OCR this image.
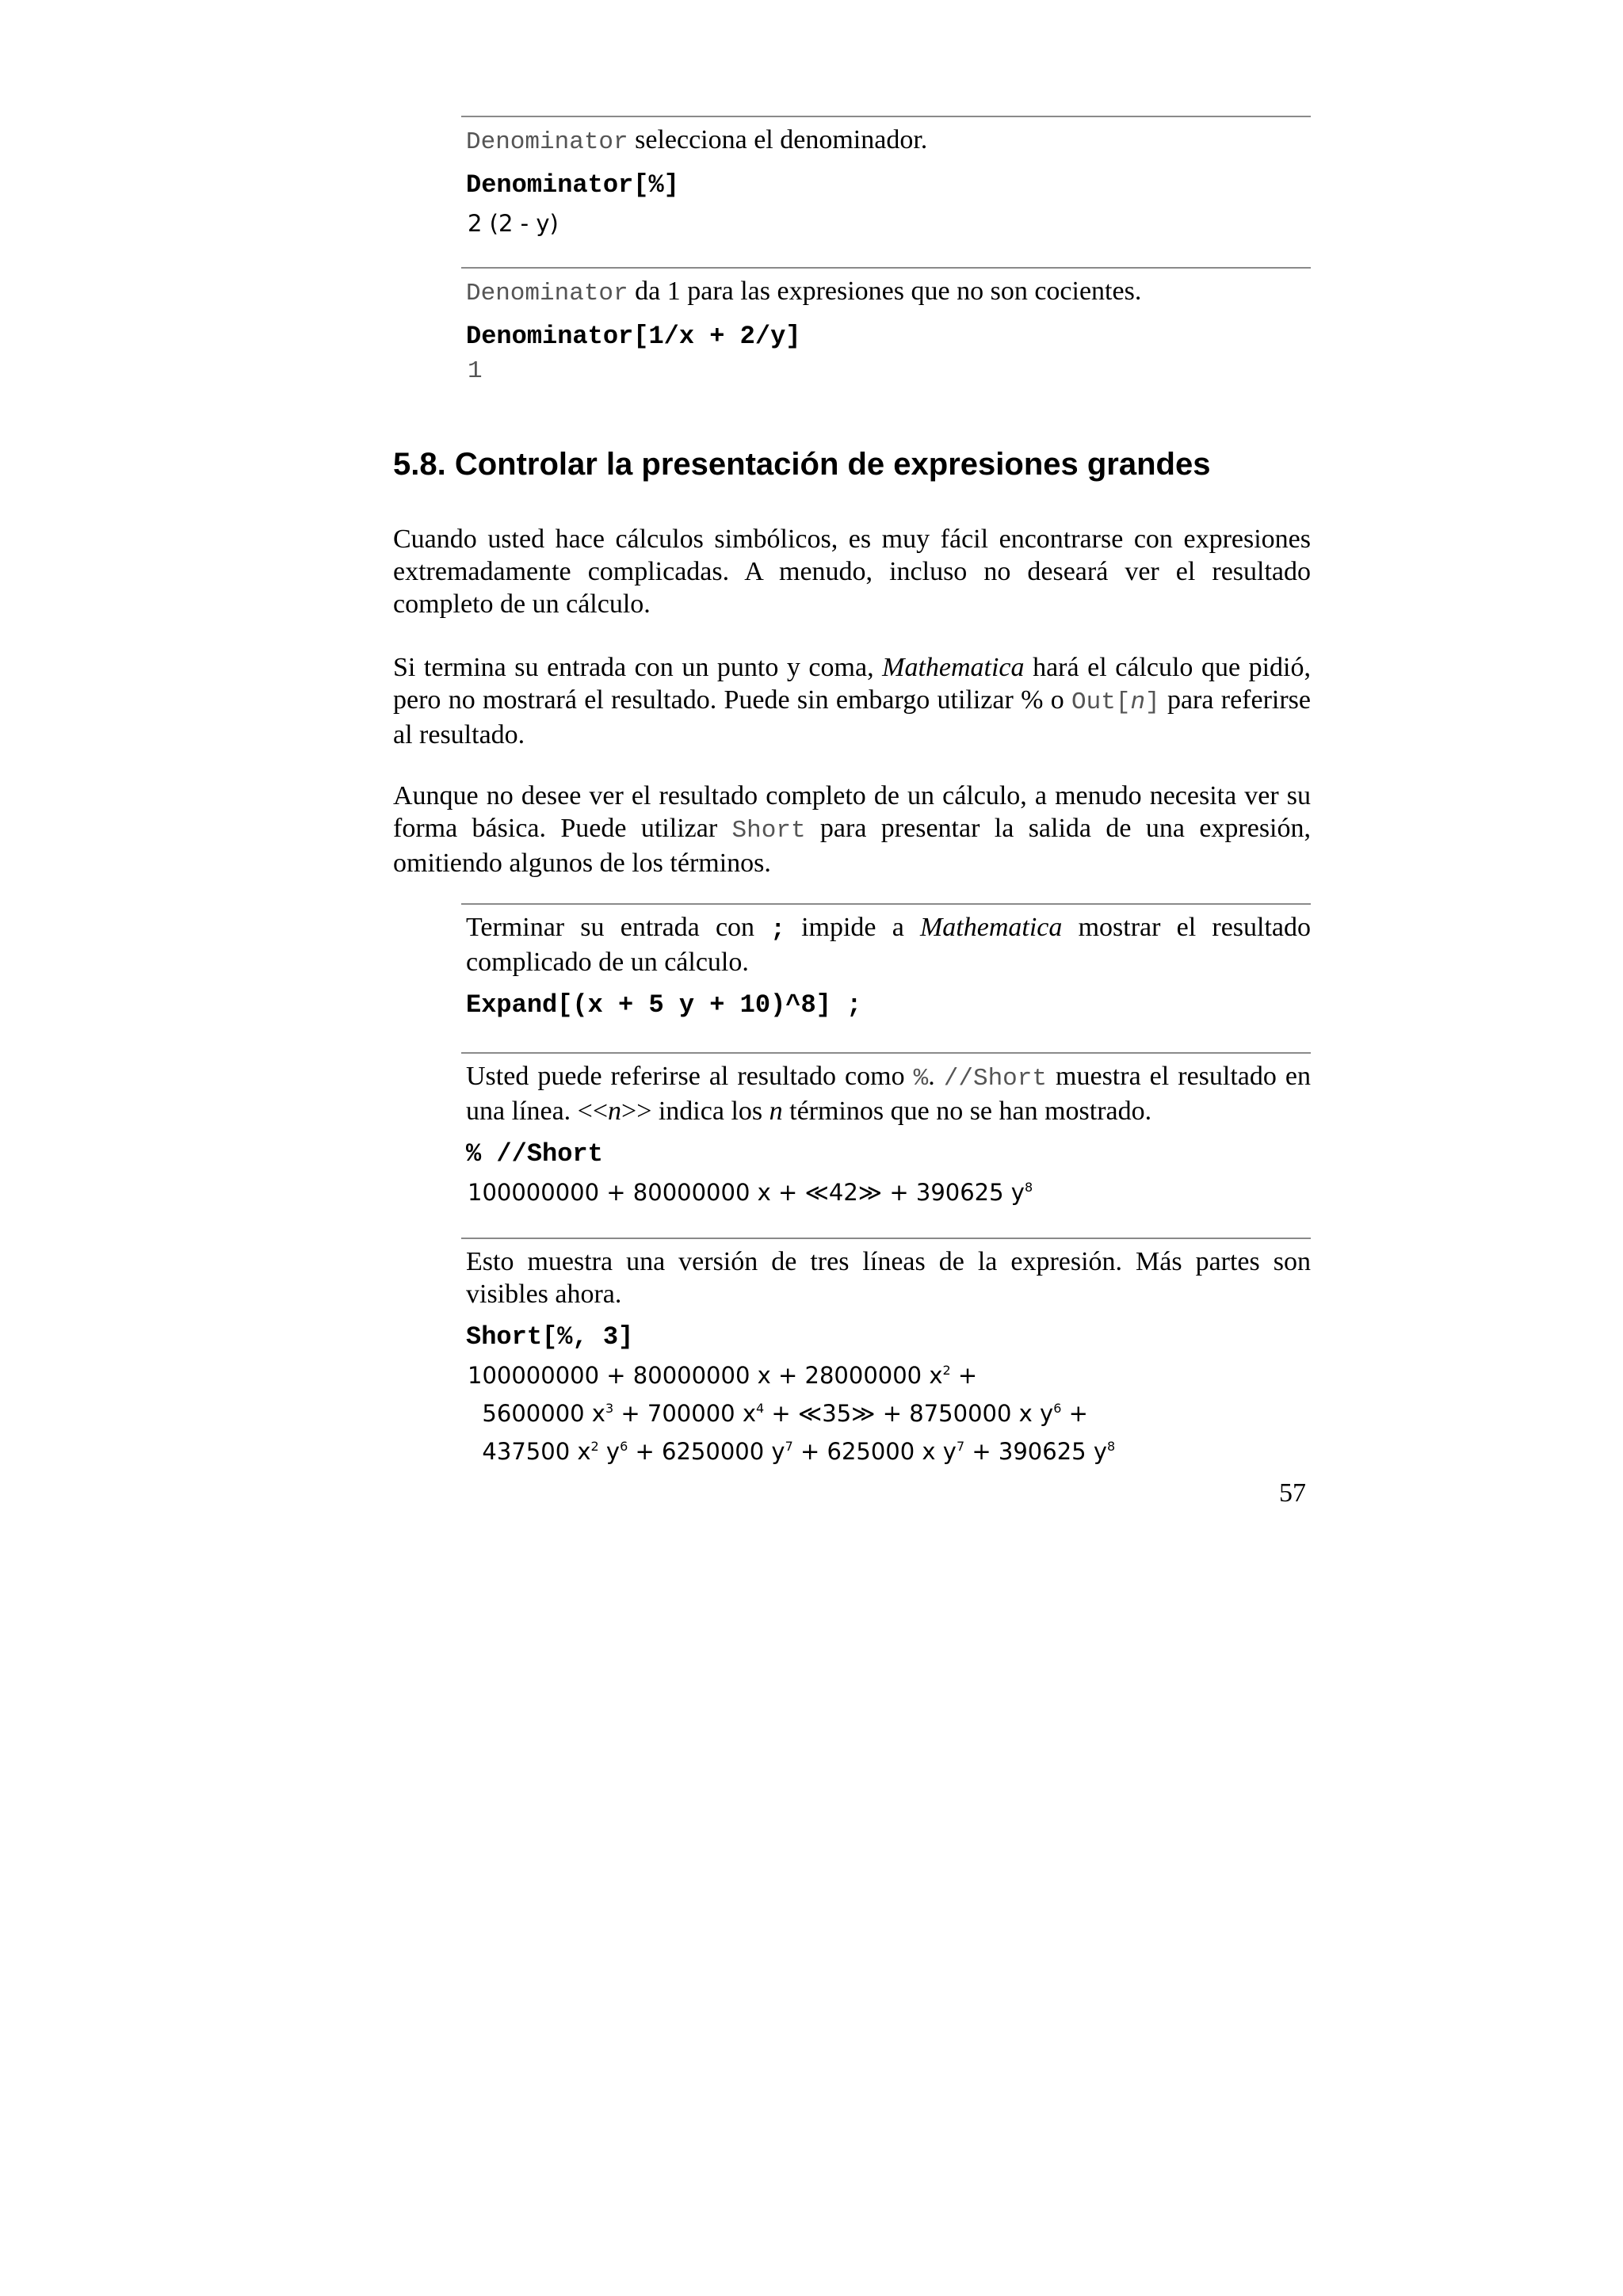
Denominator selecciona el denominador.
Denominator[%]
2 (2 - y)
Denominator da 1 para las expresiones que no son cocientes.
Denominator[1/x + 2/y]
1
5.8. Controlar la presentación de expresiones grandes

Cuando usted hace cálculos simbólicos, es muy fácil encontrarse con expresiones extremadamente complicadas. A menudo, incluso no deseará ver el resultado completo de un cálculo.

Si termina su entrada con un punto y coma, Mathematica hará el cálculo que pidió, pero no mostrará el resultado. Puede sin embargo utilizar % o Out[n] para referirse al resultado.

Aunque no desee ver el resultado completo de un cálculo, a menudo necesita ver su forma básica. Puede utilizar Short para presentar la salida de una expresión, omitiendo algunos de los términos.

Terminar su entrada con ; impide a Mathematica mostrar el resultado complicado de un cálculo.
Expand[(x + 5 y + 10)^8] ;
Usted puede referirse al resultado como %. //Short muestra el resultado en una línea. <<n>> indica los n términos que no se han mostrado.
% //Short
100000000 + 80000000 x + ≪42≫ + 390625 $y^8$
Esto muestra una versión de tres líneas de la expresión. Más partes son visibles ahora.
Short[%, 3]
100000000 + 80000000 x + 28000000 $x^2$ +
5600000 $x^3 + 700000$ $x^4$ + ≪35≫ + 8750000 x $y^6$ +
437500 $x^2$ $y^6 + 6250000$ $y^7 + 625000$ x $y^7 + 390625$ $y^8$
57
